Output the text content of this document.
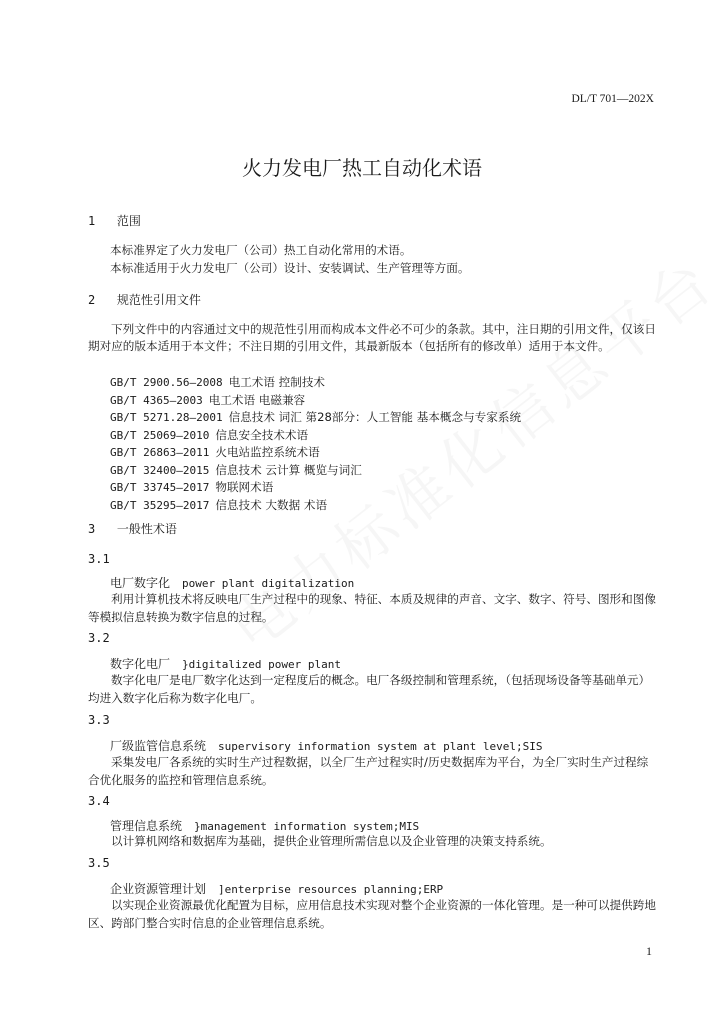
DL/T 701—202X
火力发电厂热工自动化术语
1 范围
本标准界定了火力发电厂（公司）热工自动化常用的术语。
本标准适用于火力发电厂（公司）设计、安装调试、生产管理等方面。
2 规范性引用文件
下列文件中的内容通过文中的规范性引用而构成本文件必不可少的条款。其中，注日期的引用文件，仅该日期对应的版本适用于本文件；不注日期的引用文件，其最新版本（包括所有的修改单）适用于本文件。
GB/T 2900.56—2008 电工术语 控制技术
GB/T 4365—2003 电工术语 电磁兼容
GB/T 5271.28—2001 信息技术 词汇 第28部分：人工智能 基本概念与专家系统
GB/T 25069—2010 信息安全技术术语
GB/T 26863—2011 火电站监控系统术语
GB/T 32400—2015 信息技术 云计算 概览与词汇
GB/T 33745—2017 物联网术语
GB/T 35295—2017 信息技术 大数据 术语
3 一般性术语
3.1
电厂数字化 power plant digitalization
利用计算机技术将反映电厂生产过程中的现象、特征、本质及规律的声音、文字、数字、符号、图形和图像等模拟信息转换为数字信息的过程。
3.2
数字化电厂 }digitalized power plant
数字化电厂是电厂数字化达到一定程度后的概念。电厂各级控制和管理系统，（包括现场设备等基础单元）均进入数字化后称为数字化电厂。
3.3
厂级监管信息系统 supervisory information system at plant level;SIS
采集发电厂各系统的实时生产过程数据，以全厂生产过程实时/历史数据库为平台，为全厂实时生产过程综合优化服务的监控和管理信息系统。
3.4
管理信息系统 }management information system;MIS
以计算机网络和数据库为基础，提供企业管理所需信息以及企业管理的决策支持系统。
3.5
企业资源管理计划 ]enterprise resources planning;ERP
以实现企业资源最优化配置为目标，应用信息技术实现对整个企业资源的一体化管理。是一种可以提供跨地区、跨部门整合实时信息的企业管理信息系统。
1
